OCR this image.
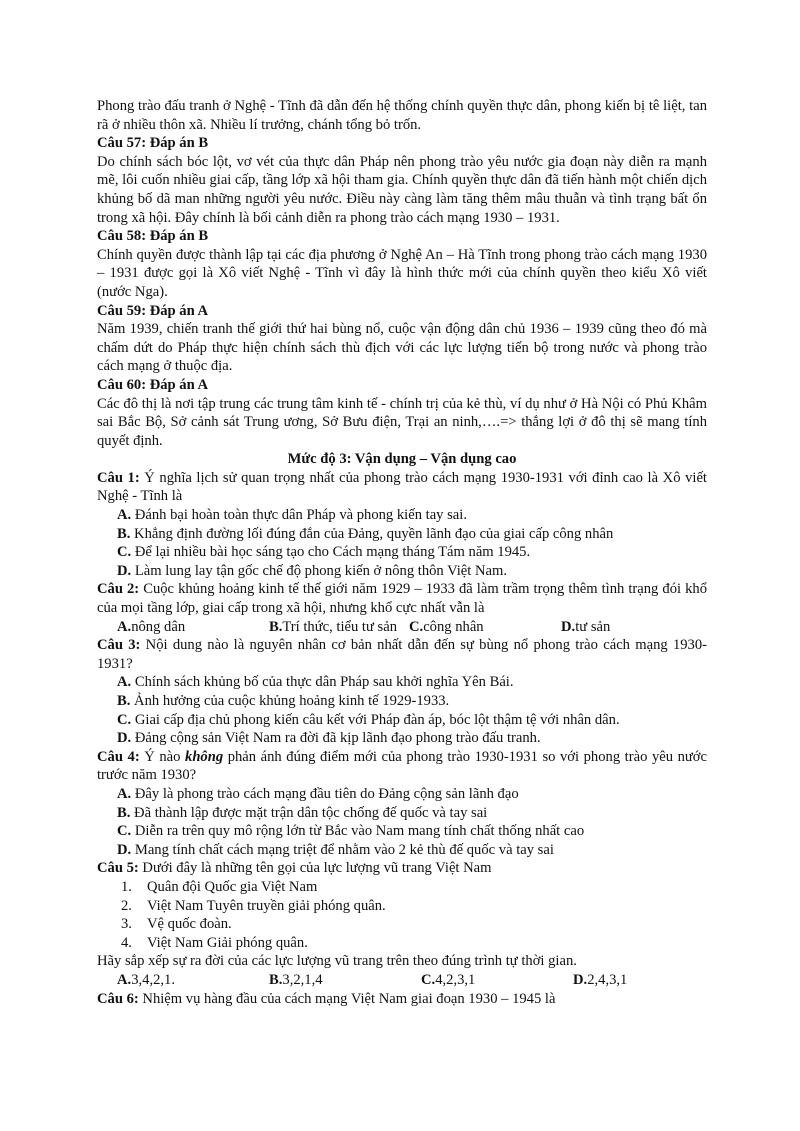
Phong trào đấu tranh ở Nghệ - Tĩnh đã dẫn đến hệ thống chính quyền thực dân, phong kiến bị tê liệt, tan rã ở nhiều thôn xã. Nhiều lí trưởng, chánh tổng bỏ trốn.
Câu 57: Đáp án B
Do chính sách bóc lột, vơ vét của thực dân Pháp nên phong trào yêu nước gia đoạn này diễn ra mạnh mẽ, lôi cuốn nhiều giai cấp, tầng lớp xã hội tham gia. Chính quyền thực dân đã tiến hành một chiến dịch khủng bố dã man những người yêu nước. Điều này càng làm tăng thêm mâu thuẫn và tình trạng bất ổn trong xã hội. Đây chính là bối cảnh diễn ra phong trào cách mạng 1930 – 1931.
Câu 58: Đáp án B
Chính quyền được thành lập tại các địa phương ở Nghệ An – Hà Tĩnh trong phong trào cách mạng 1930 – 1931 được gọi là Xô viết Nghệ - Tĩnh vì đây là hình thức mới của chính quyền theo kiểu Xô viết (nước Nga).
Câu 59: Đáp án A
Năm 1939, chiến tranh thế giới thứ hai bùng nổ, cuộc vận động dân chủ 1936 – 1939 cũng theo đó mà chấm dứt do Pháp thực hiện chính sách thù địch với các lực lượng tiến bộ trong nước và phong trào cách mạng ở thuộc địa.
Câu 60: Đáp án A
Các đô thị là nơi tập trung các trung tâm kinh tế - chính trị của kẻ thù, ví dụ như ở Hà Nội có Phủ Khâm sai Bắc Bộ, Sở cảnh sát Trung ương, Sở Bưu điện, Trại an ninh,….=> thắng lợi ở đô thị sẽ mang tính quyết định.
Mức độ 3: Vận dụng – Vận dụng cao
Câu 1: Ý nghĩa lịch sử quan trọng nhất của phong trào cách mạng 1930-1931 với đỉnh cao là Xô viết Nghệ - Tĩnh là
A. Đánh bại hoàn toàn thực dân Pháp và phong kiến tay sai.
B. Khẳng định đường lối đúng đắn của Đảng, quyền lãnh đạo của giai cấp công nhân
C. Để lại nhiều bài học sáng tạo cho Cách mạng tháng Tám năm 1945.
D. Làm lung lay tận gốc chế độ phong kiến ở nông thôn Việt Nam.
Câu 2: Cuộc khủng hoảng kinh tế thế giới năm 1929 – 1933 đã làm trầm trọng thêm tình trạng đói khổ của mọi tầng lớp, giai cấp trong xã hội, nhưng khổ cực nhất vẫn là
A.nông dân	B.Trí thức, tiểu tư sản C.công nhân	D.tư sản
Câu 3: Nội dung nào là nguyên nhân cơ bản nhất dẫn đến sự bùng nổ phong trào cách mạng 1930-1931?
A. Chính sách khủng bố của thực dân Pháp sau khởi nghĩa Yên Bái.
B. Ảnh hưởng của cuộc khủng hoảng kinh tế 1929-1933.
C. Giai cấp địa chủ phong kiến câu kết với Pháp đàn áp, bóc lột thậm tệ với nhân dân.
D. Đảng cộng sản Việt Nam ra đời đã kịp lãnh đạo phong trào đấu tranh.
Câu 4: Ý nào không phản ánh đúng điểm mới của phong trào 1930-1931 so với phong trào yêu nước trước năm 1930?
A. Đây là phong trào cách mạng đầu tiên do Đảng cộng sản lãnh đạo
B. Đã thành lập được mặt trận dân tộc chống đế quốc và tay sai
C. Diễn ra trên quy mô rộng lớn từ Bắc vào Nam mang tính chất thống nhất cao
D. Mang tính chất cách mạng triệt để nhằm vào 2 kẻ thù đế quốc và tay sai
Câu 5: Dưới đây là những tên gọi của lực lượng vũ trang Việt Nam
1.	Quân đội Quốc gia Việt Nam
2.	Việt Nam Tuyên truyền giải phóng quân.
3.	Vệ quốc đoàn.
4.	Việt Nam Giải phóng quân.
Hãy sắp xếp sự ra đời của các lực lượng vũ trang trên theo đúng trình tự thời gian.
A.3,4,2,1.	B.3,2,1,4	C.4,2,3,1	D.2,4,3,1
Câu 6: Nhiệm vụ hàng đầu của cách mạng Việt Nam giai đoạn 1930 – 1945 là
